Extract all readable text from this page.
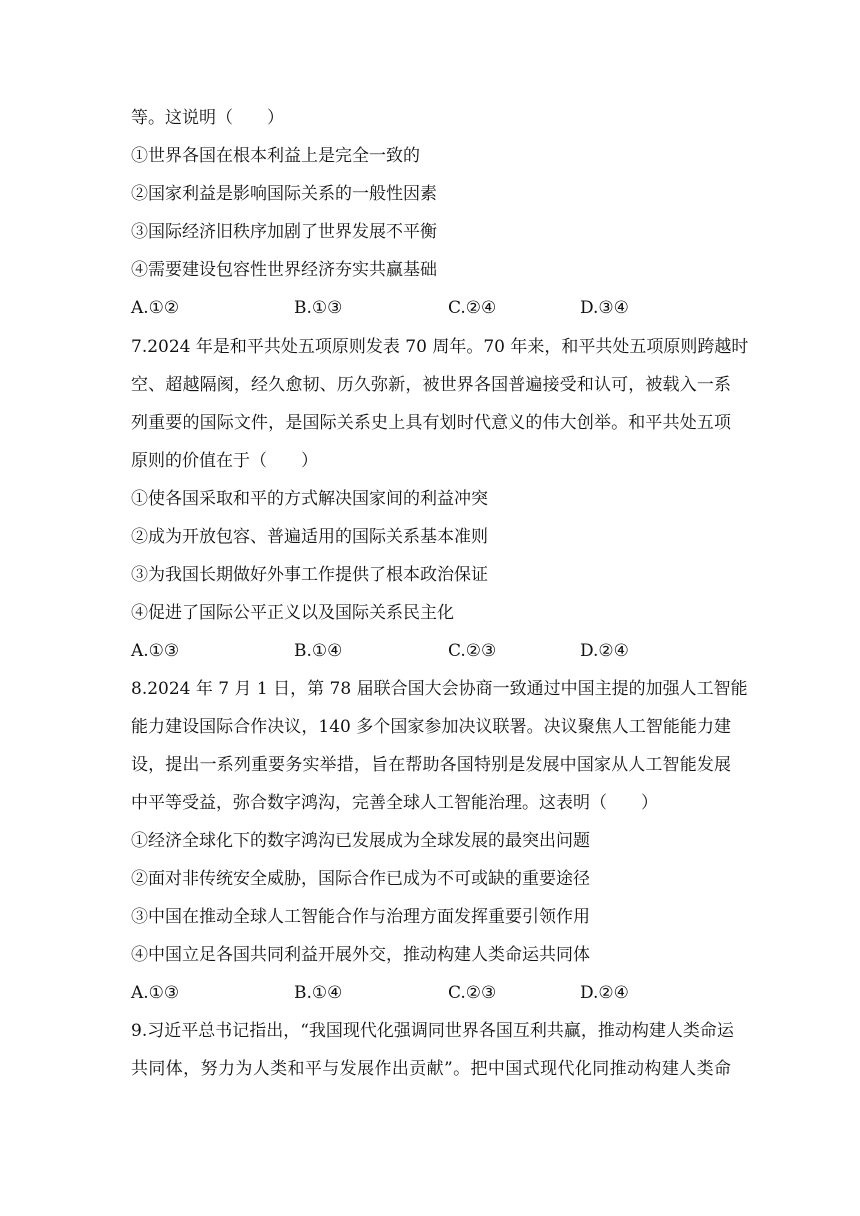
等。这说明（　　）
①世界各国在根本利益上是完全一致的
②国家利益是影响国际关系的一般性因素
③国际经济旧秩序加剧了世界发展不平衡
④需要建设包容性世界经济夯实共赢基础
A.①②	B.①③	C.②④	D.③④
7.2024 年是和平共处五项原则发表 70 周年。70 年来，和平共处五项原则跨越时
空、超越隔阂，经久愈韧、历久弥新，被世界各国普遍接受和认可，被载入一系
列重要的国际文件，是国际关系史上具有划时代意义的伟大创举。和平共处五项
原则的价值在于（　　）
①使各国采取和平的方式解决国家间的利益冲突
②成为开放包容、普遍适用的国际关系基本准则
③为我国长期做好外事工作提供了根本政治保证
④促进了国际公平正义以及国际关系民主化
A.①③	B.①④	C.②③	D.②④
8.2024 年 7 月 1 日，第 78 届联合国大会协商一致通过中国主提的加强人工智能
能力建设国际合作决议，140 多个国家参加决议联署。决议聚焦人工智能能力建
设，提出一系列重要务实举措，旨在帮助各国特别是发展中国家从人工智能发展
中平等受益，弥合数字鸿沟，完善全球人工智能治理。这表明（　　）
①经济全球化下的数字鸿沟已发展成为全球发展的最突出问题
②面对非传统安全威胁，国际合作已成为不可或缺的重要途径
③中国在推动全球人工智能合作与治理方面发挥重要引领作用
④中国立足各国共同利益开展外交，推动构建人类命运共同体
A.①③	B.①④	C.②③	D.②④
9.习近平总书记指出，“我国现代化强调同世界各国互利共赢，推动构建人类命运
共同体，努力为人类和平与发展作出贡献”。把中国式现代化同推动构建人类命
